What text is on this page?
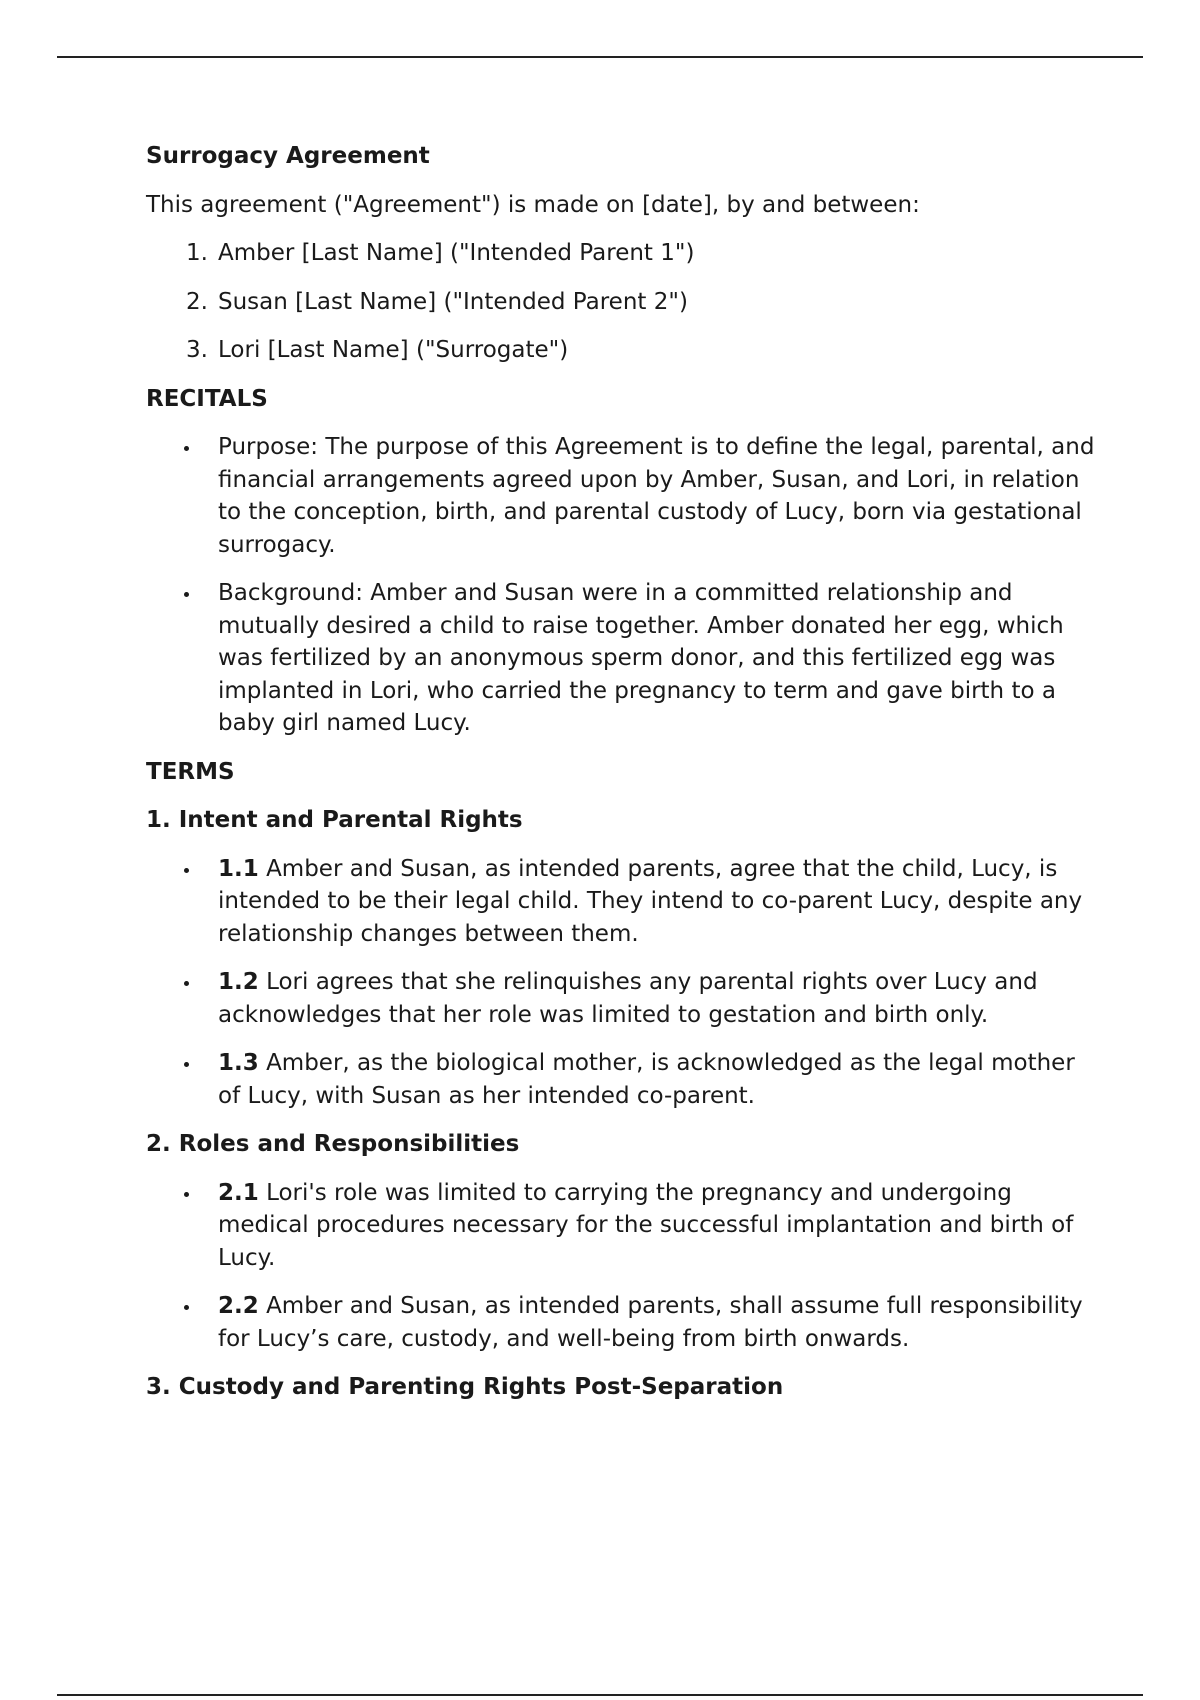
Surrogacy Agreement

This agreement ("Agreement") is made on [date], by and between:

1. Amber [Last Name] ("Intended Parent 1")
2. Susan [Last Name] ("Intended Parent 2")
3. Lori [Last Name] ("Surrogate")

RECITALS

Purpose: The purpose of this Agreement is to define the legal, parental, and financial arrangements agreed upon by Amber, Susan, and Lori, in relation to the conception, birth, and parental custody of Lucy, born via gestational surrogacy.
Background: Amber and Susan were in a committed relationship and mutually desired a child to raise together. Amber donated her egg, which was fertilized by an anonymous sperm donor, and this fertilized egg was implanted in Lori, who carried the pregnancy to term and gave birth to a baby girl named Lucy.

TERMS

1. Intent and Parental Rights

1.1 Amber and Susan, as intended parents, agree that the child, Lucy, is intended to be their legal child. They intend to co-parent Lucy, despite any relationship changes between them.
1.2 Lori agrees that she relinquishes any parental rights over Lucy and acknowledges that her role was limited to gestation and birth only.
1.3 Amber, as the biological mother, is acknowledged as the legal mother of Lucy, with Susan as her intended co-parent.

2. Roles and Responsibilities

2.1 Lori's role was limited to carrying the pregnancy and undergoing medical procedures necessary for the successful implantation and birth of Lucy.
2.2 Amber and Susan, as intended parents, shall assume full responsibility for Lucy’s care, custody, and well-being from birth onwards.

3. Custody and Parenting Rights Post-Separation
